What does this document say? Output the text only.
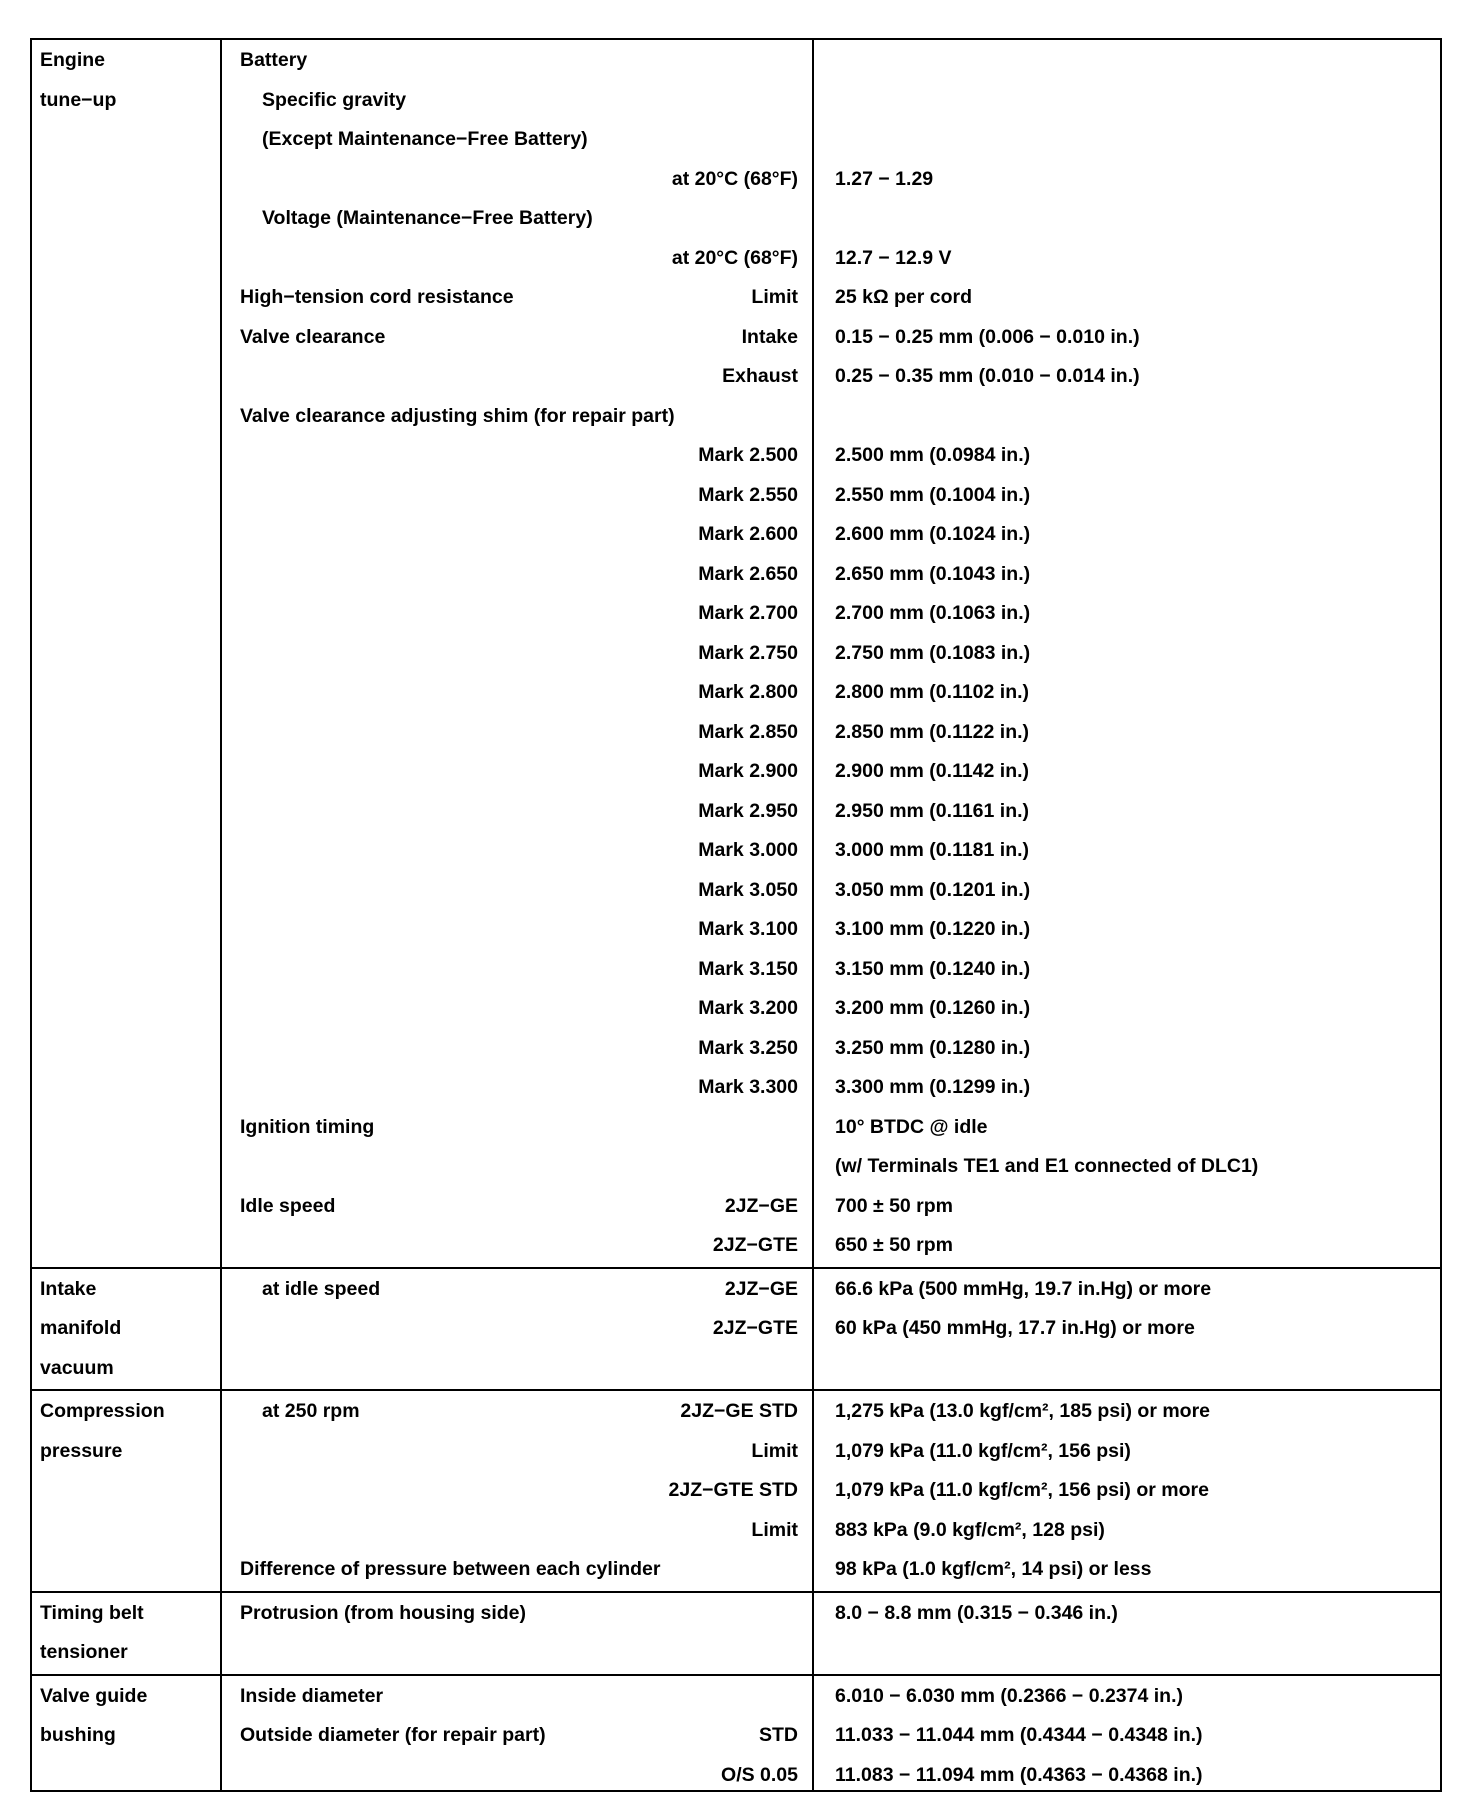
Engine
tune−up
Battery
Specific gravity
(Except Maintenance−Free Battery)
at 20°C (68°F) 1.27 − 1.29
Voltage (Maintenance−Free Battery)
at 20°C (68°F) 12.7 − 12.9 V
High−tension cord resistance	Limit 25 kΩ per cord
Valve clearance	Intake 0.15 − 0.25 mm (0.006 − 0.010 in.)
Exhaust 0.25 − 0.35 mm (0.010 − 0.014 in.)
Valve clearance adjusting shim (for repair part)
Mark 2.500 2.500 mm (0.0984 in.)
Mark 2.550 2.550 mm (0.1004 in.)
Mark 2.600 2.600 mm (0.1024 in.)
Mark 2.650 2.650 mm (0.1043 in.)
Mark 2.700 2.700 mm (0.1063 in.)
Mark 2.750 2.750 mm (0.1083 in.)
Mark 2.800 2.800 mm (0.1102 in.)
Mark 2.850 2.850 mm (0.1122 in.)
Mark 2.900 2.900 mm (0.1142 in.)
Mark 2.950 2.950 mm (0.1161 in.)
Mark 3.000 3.000 mm (0.1181 in.)
Mark 3.050 3.050 mm (0.1201 in.)
Mark 3.100 3.100 mm (0.1220 in.)
Mark 3.150 3.150 mm (0.1240 in.)
Mark 3.200 3.200 mm (0.1260 in.)
Mark 3.250 3.250 mm (0.1280 in.)
Mark 3.300 3.300 mm (0.1299 in.)
Ignition timing	10° BTDC @ idle
(w/ Terminals TE1 and E1 connected of DLC1)
Idle speed	2JZ−GE 700 ± 50 rpm
2JZ−GTE 650 ± 50 rpm
Intake
manifold
vacuum
at idle speed	2JZ−GE 66.6 kPa (500 mmHg, 19.7 in.Hg) or more
2JZ−GTE 60 kPa (450 mmHg, 17.7 in.Hg) or more
Compression
pressure
at 250 rpm	2JZ−GE STD 1,275 kPa (13.0 kgf/cm², 185 psi) or more
Limit 1,079 kPa (11.0 kgf/cm², 156 psi)
2JZ−GTE STD 1,079 kPa (11.0 kgf/cm², 156 psi) or more
Limit 883 kPa (9.0 kgf/cm², 128 psi)
Difference of pressure between each cylinder	98 kPa (1.0 kgf/cm², 14 psi) or less
Timing belt
tensioner
Protrusion (from housing side)	8.0 − 8.8 mm (0.315 − 0.346 in.)
Valve guide
bushing
Inside diameter	6.010 − 6.030 mm (0.2366 − 0.2374 in.)
Outside diameter (for repair part)	STD 11.033 − 11.044 mm (0.4344 − 0.4348 in.)
O/S 0.05 11.083 − 11.094 mm (0.4363 − 0.4368 in.)
